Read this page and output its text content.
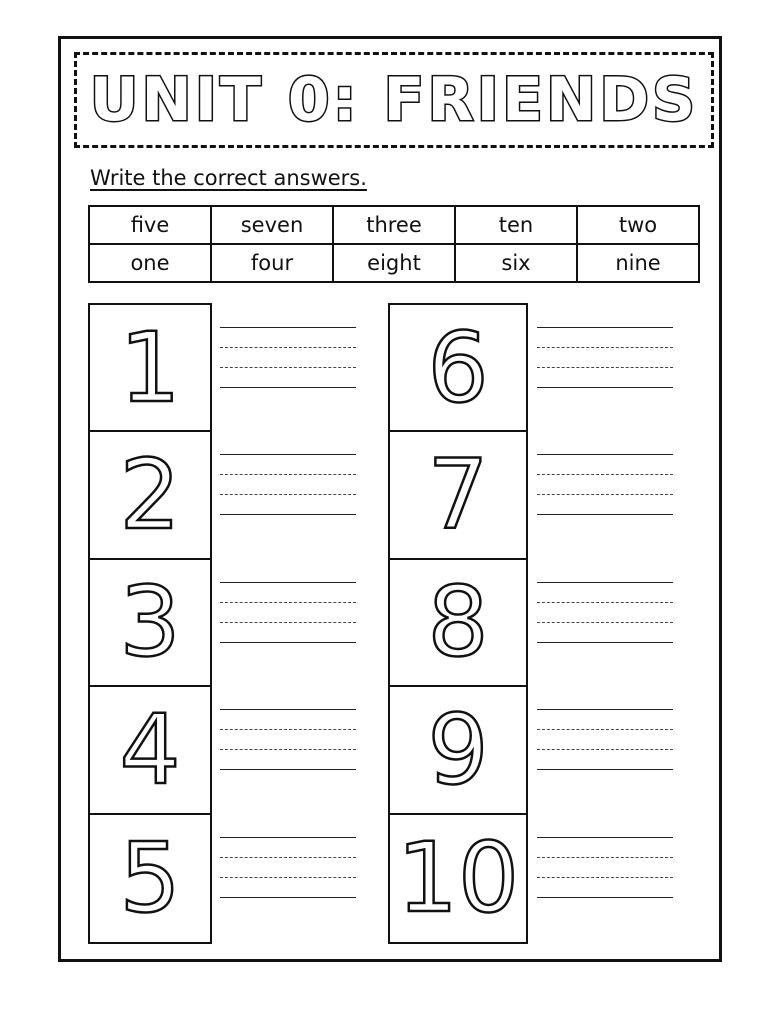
UNIT 0: FRIENDS
Write the correct answers.
five	seven	three	ten	two
one	four	eight	six	nine
1
2
3
4
5
6
7
8
9
10
